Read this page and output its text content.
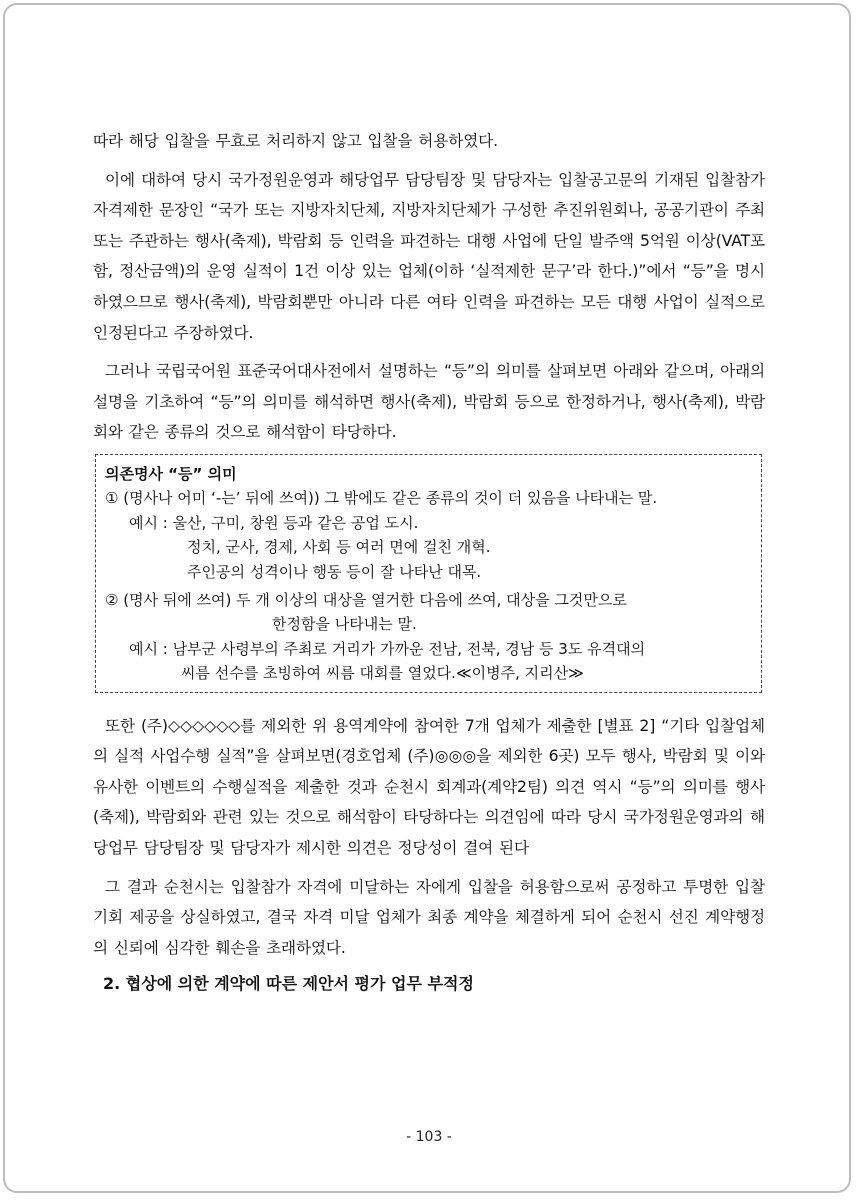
따라 해당 입찰을 무효로 처리하지 않고 입찰을 허용하였다.

이에 대하여 당시 국가정원운영과 해당업무 담당팀장 및 담당자는 입찰공고문의 기재된 입찰참가 자격제한 문장인 “국가 또는 지방자치단체, 지방자치단체가 구성한 추진위원회나, 공공기관이 주최 또는 주관하는 행사(축제), 박람회 등 인력을 파견하는 대행 사업에 단일 발주액 5억원 이상(VAT포함, 정산금액)의 운영 실적이 1건 이상 있는 업체(이하 ‘실적제한 문구’라 한다.)”에서 “등”을 명시하였으므로 행사(축제), 박람회뿐만 아니라 다른 여타 인력을 파견하는 모든 대행 사업이 실적으로 인정된다고 주장하였다.

그러나 국립국어원 표준국어대사전에서 설명하는 “등”의 의미를 살펴보면 아래와 같으며, 아래의 설명을 기초하여 “등”의 의미를 해석하면 행사(축제), 박람회 등으로 한정하거나, 행사(축제), 박람회와 같은 종류의 것으로 해석함이 타당하다.

의존명사 “등” 의미

① (명사나 어미 ‘-는’ 뒤에 쓰여)) 그 밖에도 같은 종류의 것이 더 있음을 나타내는 말.

예시 : 울산, 구미, 창원 등과 같은 공업 도시.

정치, 군사, 경제, 사회 등 여러 면에 걸친 개혁.

주인공의 성격이나 행동 등이 잘 나타난 대목.

② (명사 뒤에 쓰여) 두 개 이상의 대상을 열거한 다음에 쓰여, 대상을 그것만으로

한정함을 나타내는 말.

예시 : 남부군 사령부의 주최로 거리가 가까운 전남, 전북, 경남 등 3도 유격대의

씨름 선수를 초빙하여 씨름 대회를 열었다.≪이병주, 지리산≫

또한 (주)◇◇◇◇◇◇를 제외한 위 용역계약에 참여한 7개 업체가 제출한 [별표 2] “기타 입찰업체의 실적 사업수행 실적”을 살펴보면(경호업체 (주)◎◎◎을 제외한 6곳) 모두 행사, 박람회 및 이와 유사한 이벤트의 수행실적을 제출한 것과 순천시 회계과(계약2팀) 의견 역시 “등”의 의미를 행사(축제), 박람회와 관련 있는 것으로 해석함이 타당하다는 의견임에 따라 당시 국가정원운영과의 해당업무 담당팀장 및 담당자가 제시한 의견은 정당성이 결여 된다

그 결과 순천시는 입찰참가 자격에 미달하는 자에게 입찰을 허용함으로써 공정하고 투명한 입찰기회 제공을 상실하였고, 결국 자격 미달 업체가 최종 계약을 체결하게 되어 순천시 선진 계약행정의 신뢰에 심각한 훼손을 초래하였다.

2. 협상에 의한 계약에 따른 제안서 평가 업무 부적정

- 103 -
